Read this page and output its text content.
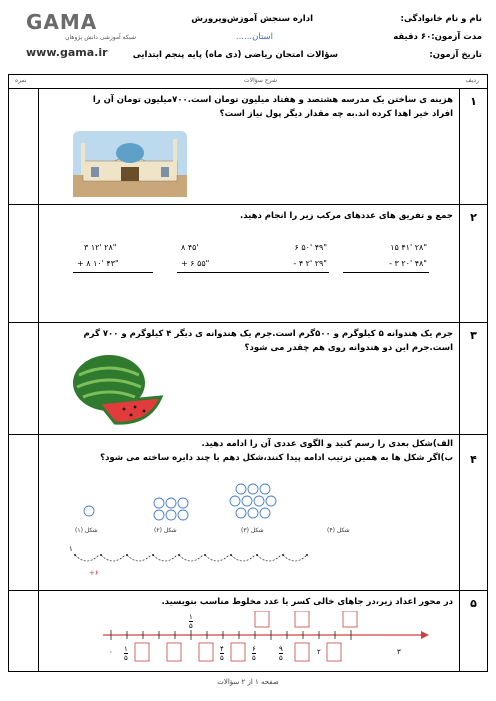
نام و نام خانوادگی:
مدت آزمون:۶۰ دقیقه
تاریخ آزمون:
اداره سنجش آموزش‌وپرورش
استان......
سؤالات امتحان ریاضی (دی ماه) پایه پنجم ابتدایی
GAMA
شبکه آموزشی دانش پژوهان
www.gama.ir
ردیف
شرح سؤالات
نمره
۱
هزینه ی ساختن یک مدرسه هشتصد و هفتاد میلیون تومان است.۷۰۰میلیون تومان آن را افراد خیر اهدا کرده اند.به چه مقدار دیگر پول نیاز است؟
۲
جمع و تفریق های عددهای مرکب زیر را انجام دهید.
۱۵ ۴۱' ۲۸"
- ۳ ۲۰' ۴۸"
۶ ۵۰' ۴۹"
- ۴ ۲' ۲۹"
۸ ۴۵'
+ ۶ ۵۵"
۳ ۱۲' ۲۸"
+ ۸ ۱۰' ۴۳"
۳
جرم یک هندوانه ۵ کیلوگرم و ۵۰۰گرم است.جرم یک هندوانه ی دیگر ۴ کیلوگرم و ۷۰۰ گرم است.جرم این دو هندوانه روی هم چقدر می شود؟
۴
الف)شکل بعدی را رسم کنید و الگوی عددی آن را ادامه دهید.
ب)اگر شکل ها به همین ترتیب ادامه پیدا کنند،شکل دهم با چند دایره ساخته می شود؟
شکل (۱)	شکل (۲)	شکل (۳)	شکل (۴)
+۶
۱
۵
در محور اعداد زیر،در جاهای خالی کسر یا عدد مخلوط مناسب بنویسید.
۰
۱
۵
۱
۵
۴
۵
۶
۵
۹
۵
۲	۳
صفحه ۱ از ۲ سؤالات
